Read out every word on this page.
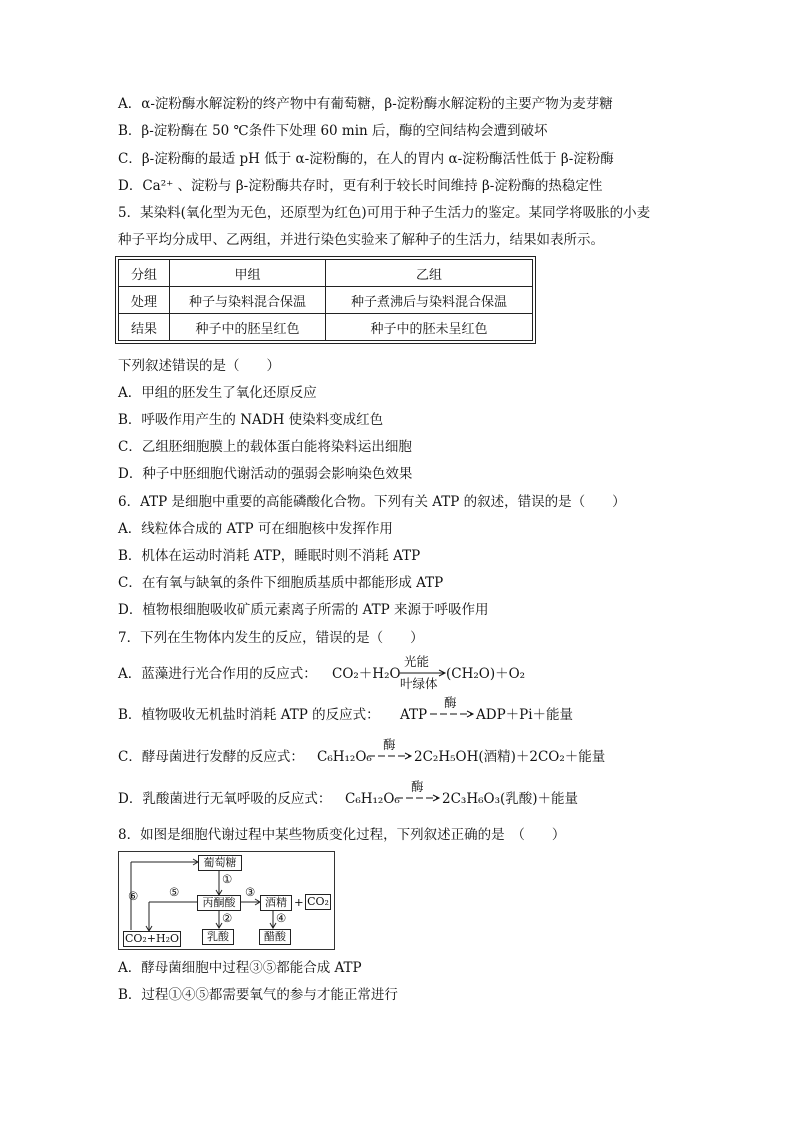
A．α-淀粉酶水解淀粉的终产物中有葡萄糖，β-淀粉酶水解淀粉的主要产物为麦芽糖
B．β-淀粉酶在 50 ℃条件下处理 60 min 后，酶的空间结构会遭到破坏
C．β-淀粉酶的最适 pH 低于 α-淀粉酶的，在人的胃内 α-淀粉酶活性低于 β-淀粉酶
D．Ca²⁺ 、淀粉与 β-淀粉酶共存时，更有利于较长时间维持 β-淀粉酶的热稳定性
5．某染料(氧化型为无色，还原型为红色)可用于种子生活力的鉴定。某同学将吸胀的小麦
种子平均分成甲、乙两组，并进行染色实验来了解种子的生活力，结果如表所示。
分组	甲组	乙组
处理	种子与染料混合保温	种子煮沸后与染料混合保温
结果	种子中的胚呈红色	种子中的胚未呈红色
下列叙述错误的是（　　）
A．甲组的胚发生了氧化还原反应
B．呼吸作用产生的 NADH 使染料变成红色
C．乙组胚细胞膜上的载体蛋白能将染料运出细胞
D．种子中胚细胞代谢活动的强弱会影响染色效果
6．ATP 是细胞中重要的高能磷酸化合物。下列有关 ATP 的叙述，错误的是（　　）
A．线粒体合成的 ATP 可在细胞核中发挥作用
B．机体在运动时消耗 ATP，睡眠时则不消耗 ATP
C．在有氧与缺氧的条件下细胞质基质中都能形成 ATP
D．植物根细胞吸收矿质元素离子所需的 ATP 来源于呼吸作用
7．下列在生物体内发生的反应，错误的是（　　）
A．蓝藻进行光合作用的反应式： CO₂＋H₂O
光能
叶绿体
(CH₂O)＋O₂
B．植物吸收无机盐时消耗 ATP 的反应式： ATP
酶
→ ADP＋Pi＋能量
C．酵母菌进行发酵的反应式： C₆H₁₂O₆
酶
→ 2C₂H₅OH(酒精)＋2CO₂＋能量
D．乳酸菌进行无氧呼吸的反应式： C₆H₁₂O₆
酶
→ 2C₃H₆O₃(乳酸)＋能量
8．如图是细胞代谢过程中某些物质变化过程，下列叙述正确的是　（　　）
葡萄糖
丙酮酸	酒精 + CO₂
CO₂+H₂O	乳酸	醋酸
①
②
③
④
⑤
⑥
A．酵母菌细胞中过程③⑤都能合成 ATP
B．过程①④⑤都需要氧气的参与才能正常进行
